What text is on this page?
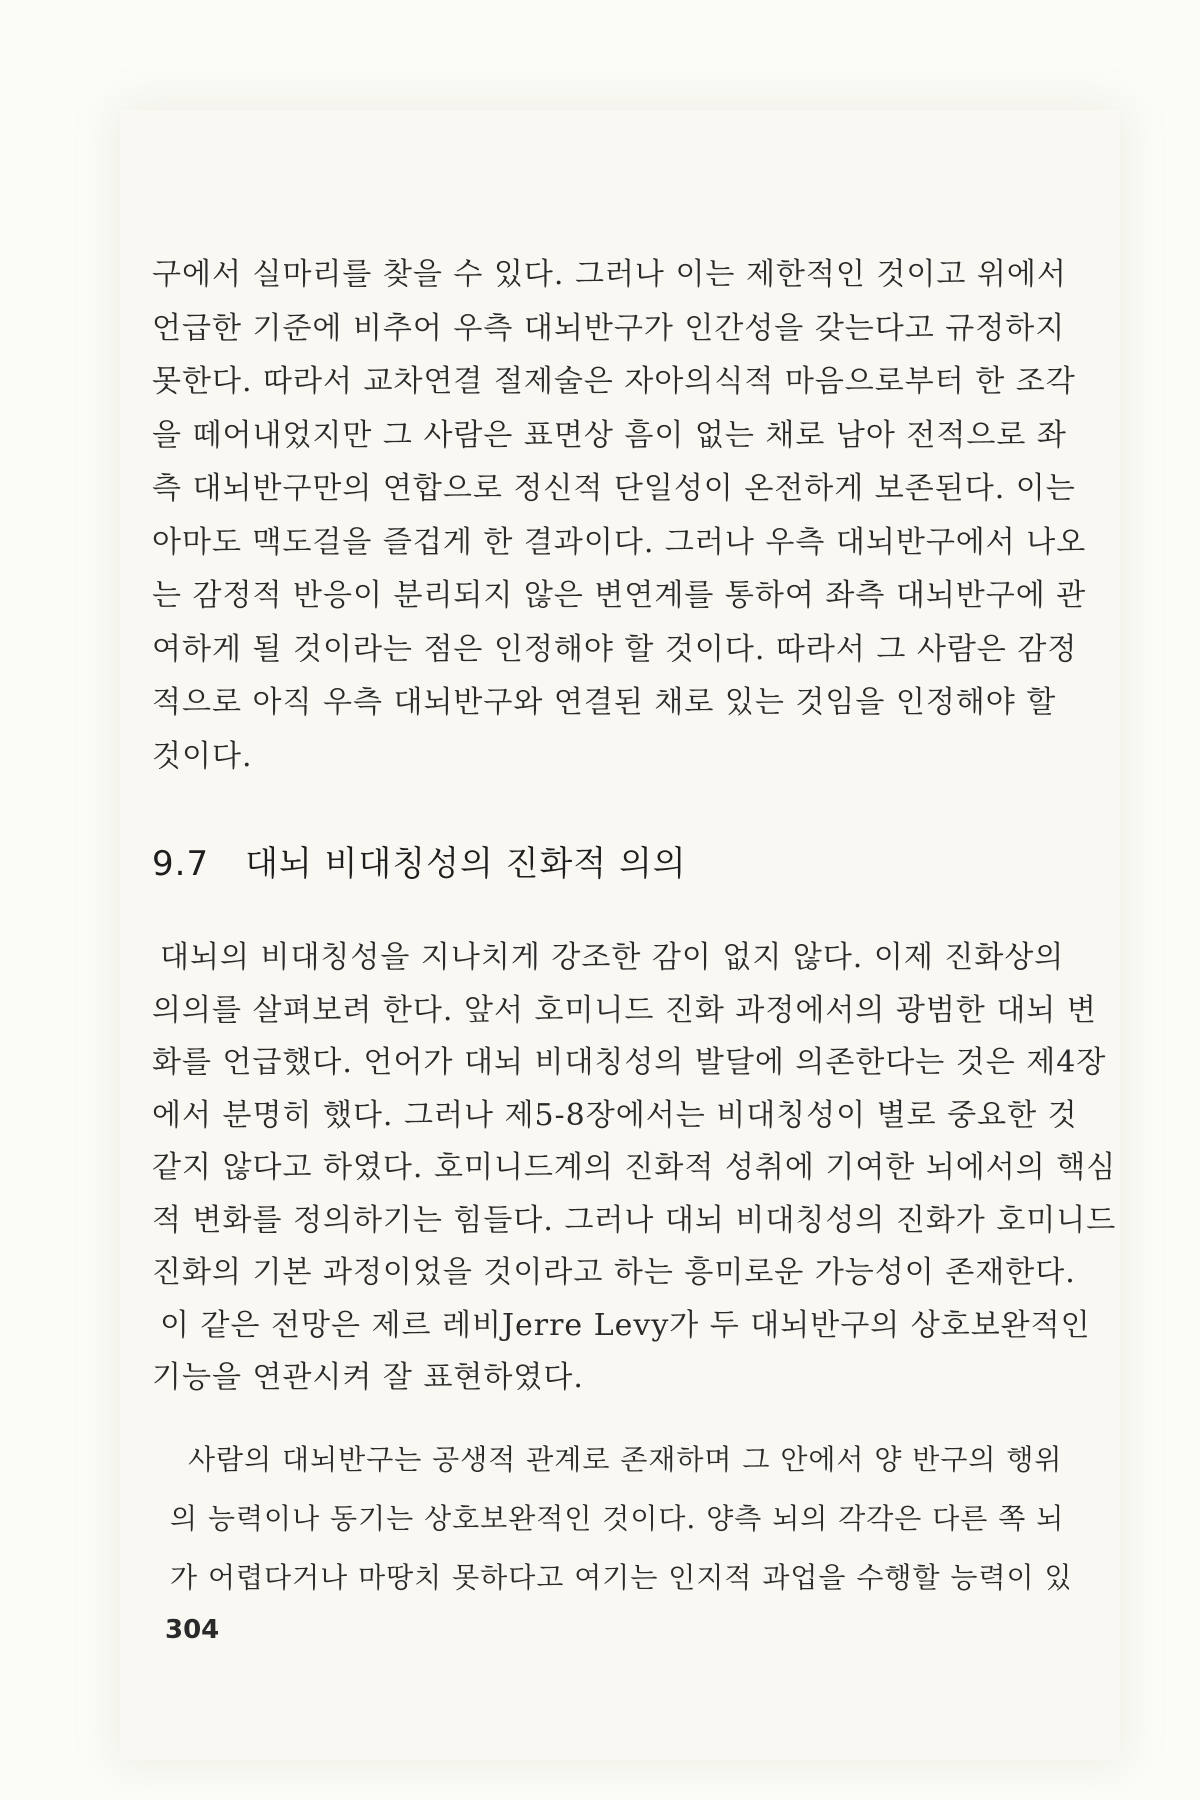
구에서 실마리를 찾을 수 있다. 그러나 이는 제한적인 것이고 위에서
언급한 기준에 비추어 우측 대뇌반구가 인간성을 갖는다고 규정하지
못한다. 따라서 교차연결 절제술은 자아의식적 마음으로부터 한 조각
을 떼어내었지만 그 사람은 표면상 흠이 없는 채로 남아 전적으로 좌
측 대뇌반구만의 연합으로 정신적 단일성이 온전하게 보존된다. 이는
아마도 맥도걸을 즐겁게 한 결과이다. 그러나 우측 대뇌반구에서 나오
는 감정적 반응이 분리되지 않은 변연계를 통하여 좌측 대뇌반구에 관
여하게 될 것이라는 점은 인정해야 할 것이다. 따라서 그 사람은 감정
적으로 아직 우측 대뇌반구와 연결된 채로 있는 것임을 인정해야 할
것이다.
9.7 대뇌 비대칭성의 진화적 의의
대뇌의 비대칭성을 지나치게 강조한 감이 없지 않다. 이제 진화상의
의의를 살펴보려 한다. 앞서 호미니드 진화 과정에서의 광범한 대뇌 변
화를 언급했다. 언어가 대뇌 비대칭성의 발달에 의존한다는 것은 제4장
에서 분명히 했다. 그러나 제5-8장에서는 비대칭성이 별로 중요한 것
같지 않다고 하였다. 호미니드계의 진화적 성취에 기여한 뇌에서의 핵심
적 변화를 정의하기는 힘들다. 그러나 대뇌 비대칭성의 진화가 호미니드
진화의 기본 과정이었을 것이라고 하는 흥미로운 가능성이 존재한다.
이 같은 전망은 제르 레비Jerre Levy가 두 대뇌반구의 상호보완적인
기능을 연관시켜 잘 표현하였다.
사람의 대뇌반구는 공생적 관계로 존재하며 그 안에서 양 반구의 행위
의 능력이나 동기는 상호보완적인 것이다. 양측 뇌의 각각은 다른 쪽 뇌
가 어렵다거나 마땅치 못하다고 여기는 인지적 과업을 수행할 능력이 있
304
